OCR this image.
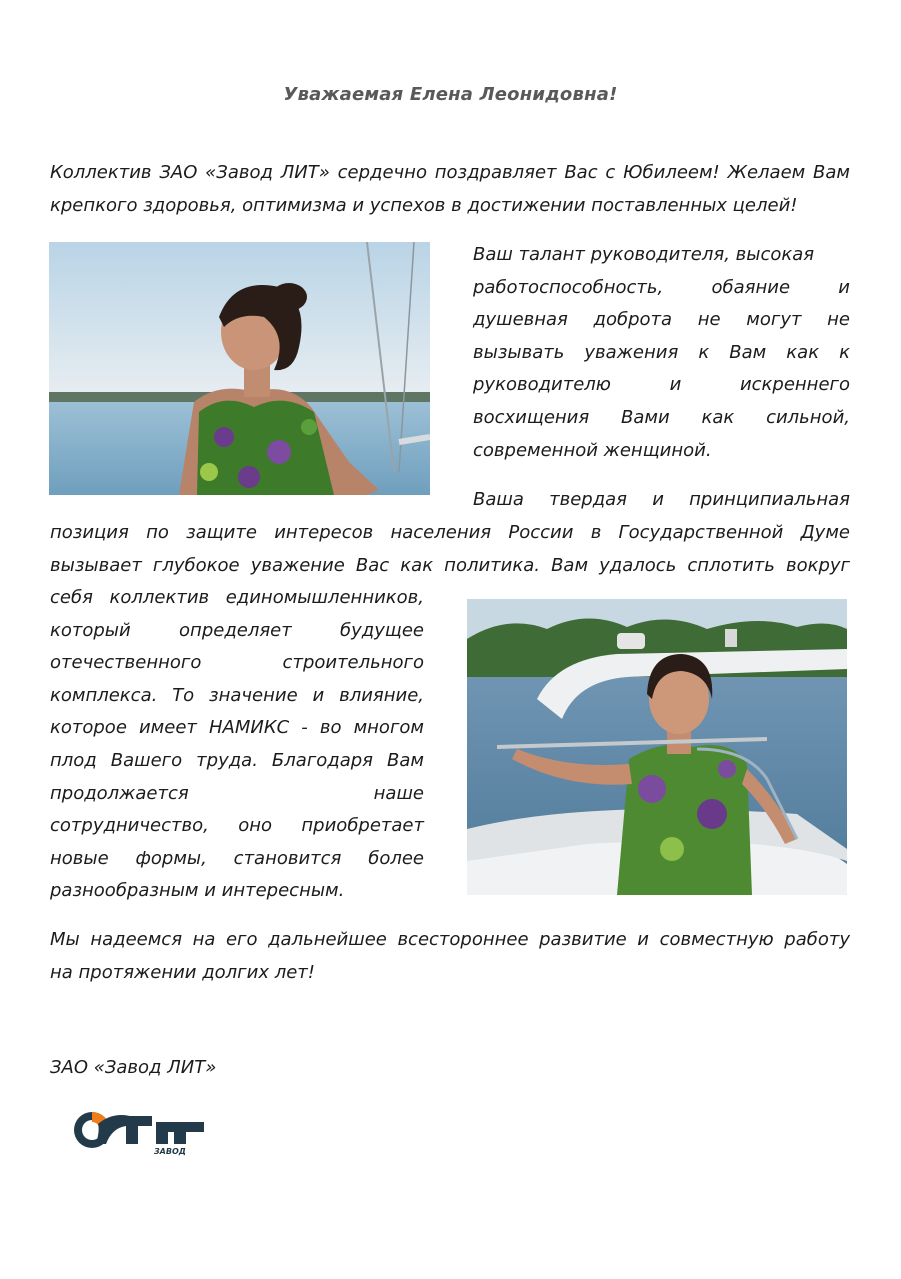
Уважаемая Елена Леонидовна!
Коллектив ЗАО «Завод ЛИТ» сердечно поздравляет Вас с Юбилеем! Желаем Вам
крепкого здоровья, оптимизма и успехов в достижении поставленных целей!
Ваш талант руководителя, высокая
работоспособность, обаяние и
душевная доброта не могут не
вызывать уважения к Вам как к
руководителю и искреннего
восхищения Вами как сильной,
современной женщиной.
Ваша твердая и принципиальная
позиция по защите интересов населения России в Государственной Думе
вызывает глубокое уважение Вас как политика. Вам удалось сплотить вокруг
себя коллектив единомышленников,
который определяет будущее
отечественного строительного
комплекса. То значение и влияние,
которое имеет НАМИКС - во многом
плод Вашего труда. Благодаря Вам
продолжается наше
сотрудничество, оно приобретает
новые формы, становится более
разнообразным и интересным.
Мы надеемся на его дальнейшее всестороннее развитие и совместную работу
на протяжении долгих лет!
ЗАО «Завод ЛИТ»
ЗАВОД
